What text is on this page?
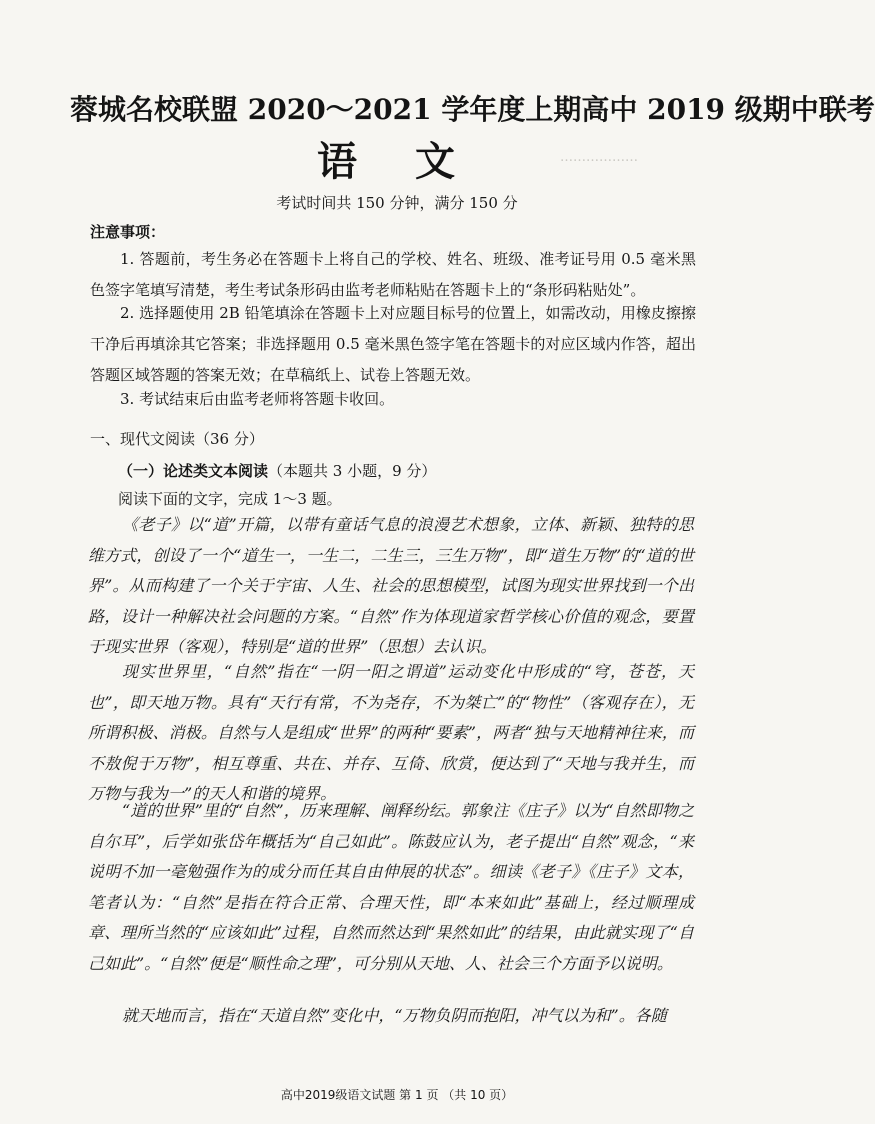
………………
蓉城名校联盟 2020～2021 学年度上期高中 2019 级期中联考
语 文
考试时间共 150 分钟，满分 150 分
注意事项：
1. 答题前，考生务必在答题卡上将自己的学校、姓名、班级、准考证号用 0.5 毫米黑色签字笔填写清楚，考生考试条形码由监考老师粘贴在答题卡上的“条形码粘贴处”。
2. 选择题使用 2B 铅笔填涂在答题卡上对应题目标号的位置上，如需改动，用橡皮擦擦干净后再填涂其它答案；非选择题用 0.5 毫米黑色签字笔在答题卡的对应区域内作答，超出答题区域答题的答案无效；在草稿纸上、试卷上答题无效。
3. 考试结束后由监考老师将答题卡收回。
一、现代文阅读（36 分）
（一）论述类文本阅读（本题共 3 小题，9 分）
阅读下面的文字，完成 1～3 题。
《老子》以“道”开篇，以带有童话气息的浪漫艺术想象，立体、新颖、独特的思维方式，创设了一个“道生一，一生二，二生三，三生万物”，即“道生万物”的“道的世界”。从而构建了一个关于宇宙、人生、社会的思想模型，试图为现实世界找到一个出路，设计一种解决社会问题的方案。“自然”作为体现道家哲学核心价值的观念，要置于现实世界（客观），特别是“道的世界”（思想）去认识。
现实世界里，“自然”指在“一阴一阳之谓道”运动变化中形成的“穹，苍苍，天也”，即天地万物。具有“天行有常，不为尧存，不为桀亡”的“物性”（客观存在），无所谓积极、消极。自然与人是组成“世界”的两种“要素”，两者“独与天地精神往来，而不敖倪于万物”，相互尊重、共在、并存、互倚、欣赏，便达到了“天地与我并生，而万物与我为一”的天人和谐的境界。
“道的世界”里的“自然”，历来理解、阐释纷纭。郭象注《庄子》以为“自然即物之自尔耳”，后学如张岱年概括为“自己如此”。陈鼓应认为，老子提出“自然”观念，“来说明不加一毫勉强作为的成分而任其自由伸展的状态”。细读《老子》《庄子》文本，笔者认为：“自然”是指在符合正常、合理天性，即“本来如此”基础上，经过顺理成章、理所当然的“应该如此”过程，自然而然达到“果然如此”的结果，由此就实现了“自己如此”。“自然”便是“顺性命之理”，可分别从天地、人、社会三个方面予以说明。
就天地而言，指在“天道自然”变化中，“万物负阴而抱阳，冲气以为和”。各随
高中2019级语文试题 第 1 页 （共 10 页）
